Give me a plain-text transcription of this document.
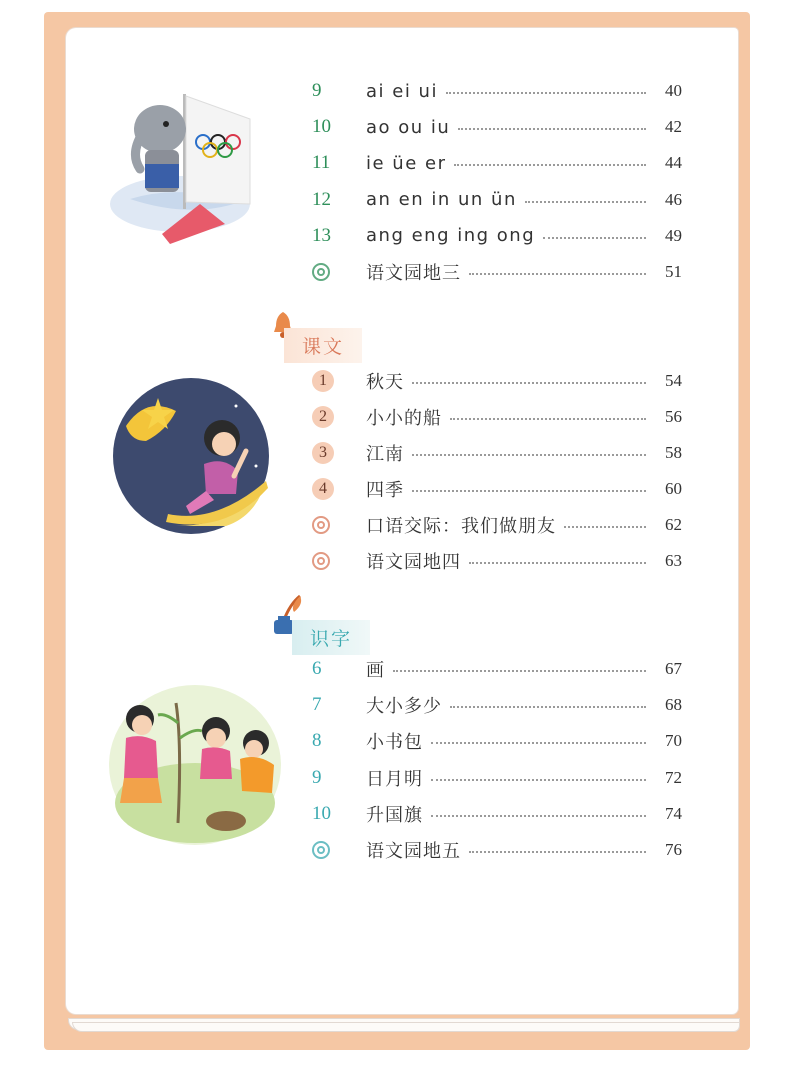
课文
识字
9	ai ei ui	40
10	ao ou iu	42
11	ie üe er	44
12	an en in un ün	46
13	ang eng ing ong	49
语文园地三	51
1	秋天	54
2	小小的船	56
3	江南	58
4	四季	60
口语交际：我们做朋友	62
语文园地四	63
6	画	67
7	大小多少	68
8	小书包	70
9	日月明	72
10	升国旗	74
语文园地五	76
